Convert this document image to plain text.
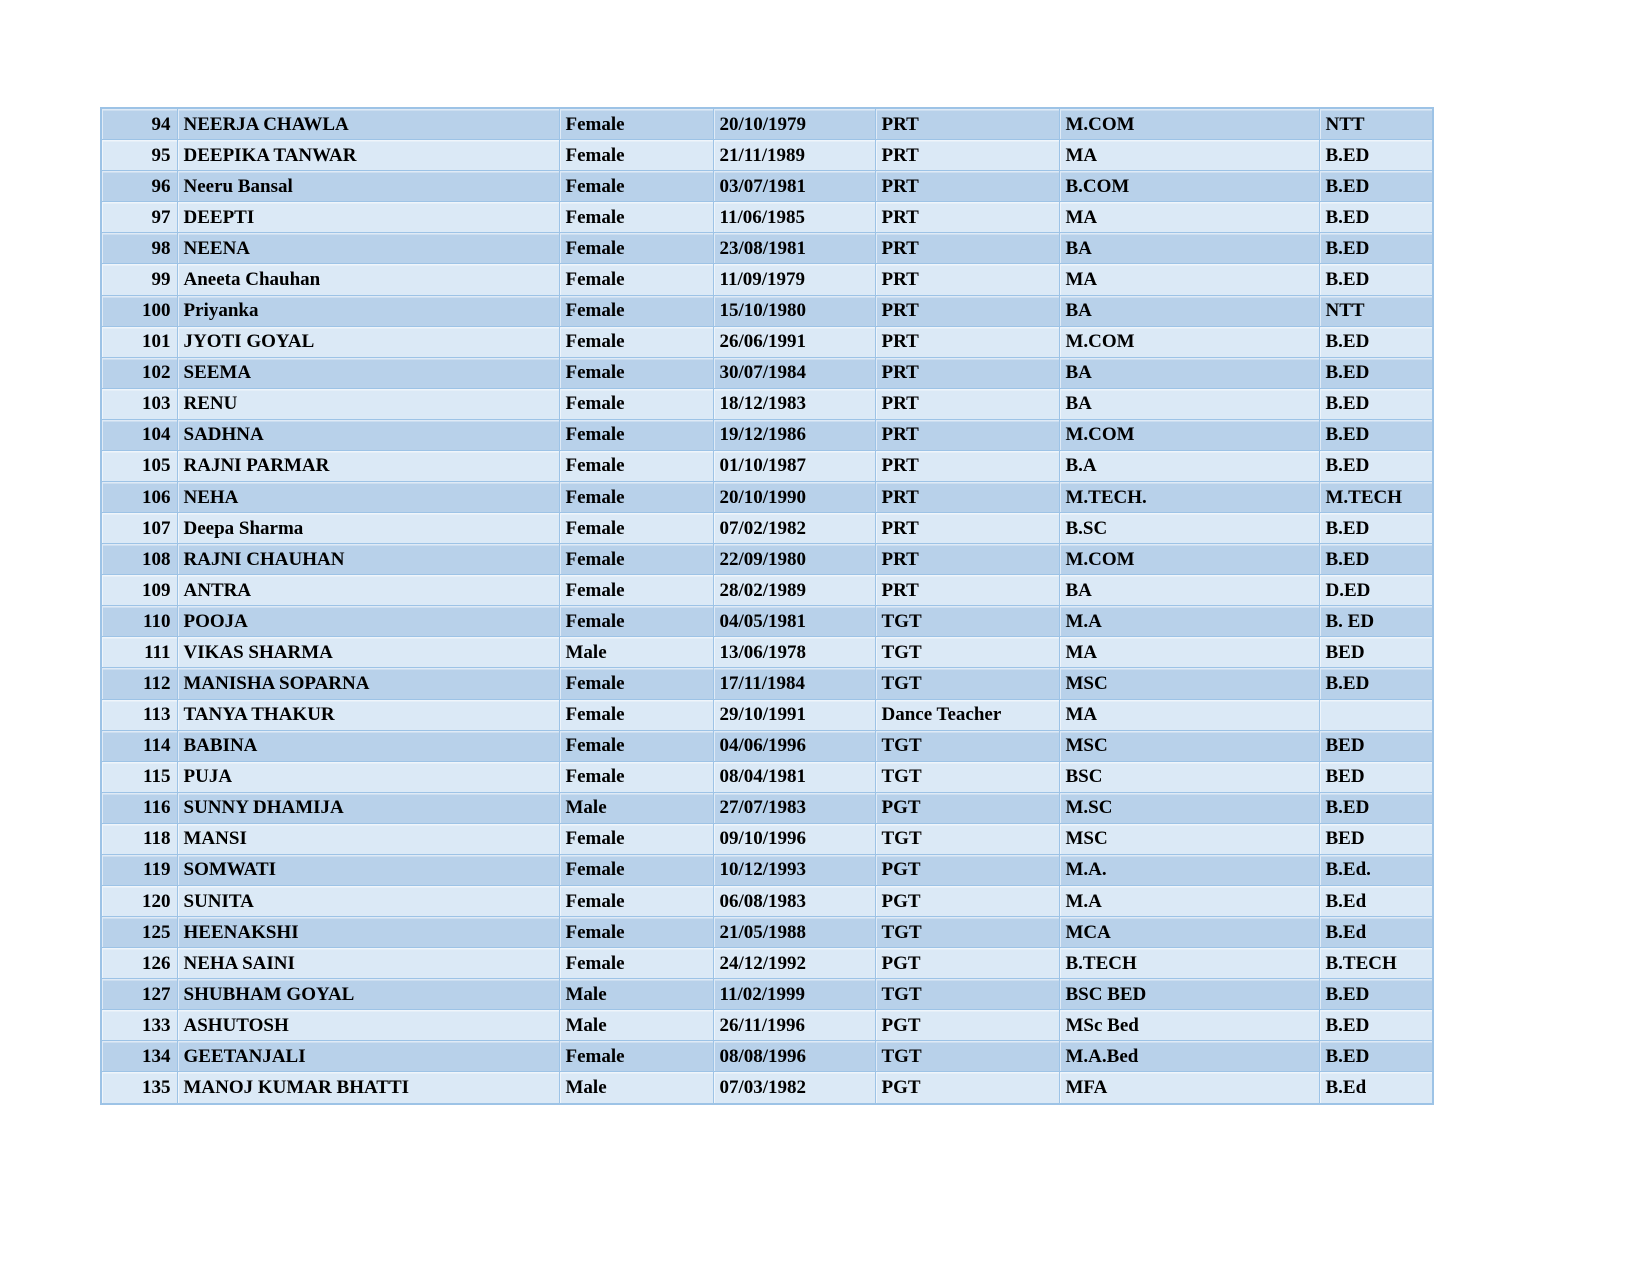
94	NEERJA CHAWLA	Female	20/10/1979	PRT	M.COM	NTT
95	DEEPIKA TANWAR	Female	21/11/1989	PRT	MA	B.ED
96	Neeru Bansal	Female	03/07/1981	PRT	B.COM	B.ED
97	DEEPTI	Female	11/06/1985	PRT	MA	B.ED
98	NEENA	Female	23/08/1981	PRT	BA	B.ED
99	Aneeta Chauhan	Female	11/09/1979	PRT	MA	B.ED
100	Priyanka	Female	15/10/1980	PRT	BA	NTT
101	JYOTI GOYAL	Female	26/06/1991	PRT	M.COM	B.ED
102	SEEMA	Female	30/07/1984	PRT	BA	B.ED
103	RENU	Female	18/12/1983	PRT	BA	B.ED
104	SADHNA	Female	19/12/1986	PRT	M.COM	B.ED
105	RAJNI PARMAR	Female	01/10/1987	PRT	B.A	B.ED
106	NEHA	Female	20/10/1990	PRT	M.TECH.	M.TECH
107	Deepa Sharma	Female	07/02/1982	PRT	B.SC	B.ED
108	RAJNI CHAUHAN	Female	22/09/1980	PRT	M.COM	B.ED
109	ANTRA	Female	28/02/1989	PRT	BA	D.ED
110	POOJA	Female	04/05/1981	TGT	M.A	B. ED
111	VIKAS SHARMA	Male	13/06/1978	TGT	MA	BED
112	MANISHA SOPARNA	Female	17/11/1984	TGT	MSC	B.ED
113	TANYA THAKUR	Female	29/10/1991	Dance Teacher	MA	
114	BABINA	Female	04/06/1996	TGT	MSC	BED
115	PUJA	Female	08/04/1981	TGT	BSC	BED
116	SUNNY DHAMIJA	Male	27/07/1983	PGT	M.SC	B.ED
118	MANSI	Female	09/10/1996	TGT	MSC	BED
119	SOMWATI	Female	10/12/1993	PGT	M.A.	B.Ed.
120	SUNITA	Female	06/08/1983	PGT	M.A	B.Ed
125	HEENAKSHI	Female	21/05/1988	TGT	MCA	B.Ed
126	NEHA SAINI	Female	24/12/1992	PGT	B.TECH	B.TECH
127	SHUBHAM GOYAL	Male	11/02/1999	TGT	BSC BED	B.ED
133	ASHUTOSH	Male	26/11/1996	PGT	MSc Bed	B.ED
134	GEETANJALI	Female	08/08/1996	TGT	M.A.Bed	B.ED
135	MANOJ KUMAR BHATTI	Male	07/03/1982	PGT	MFA	B.Ed
